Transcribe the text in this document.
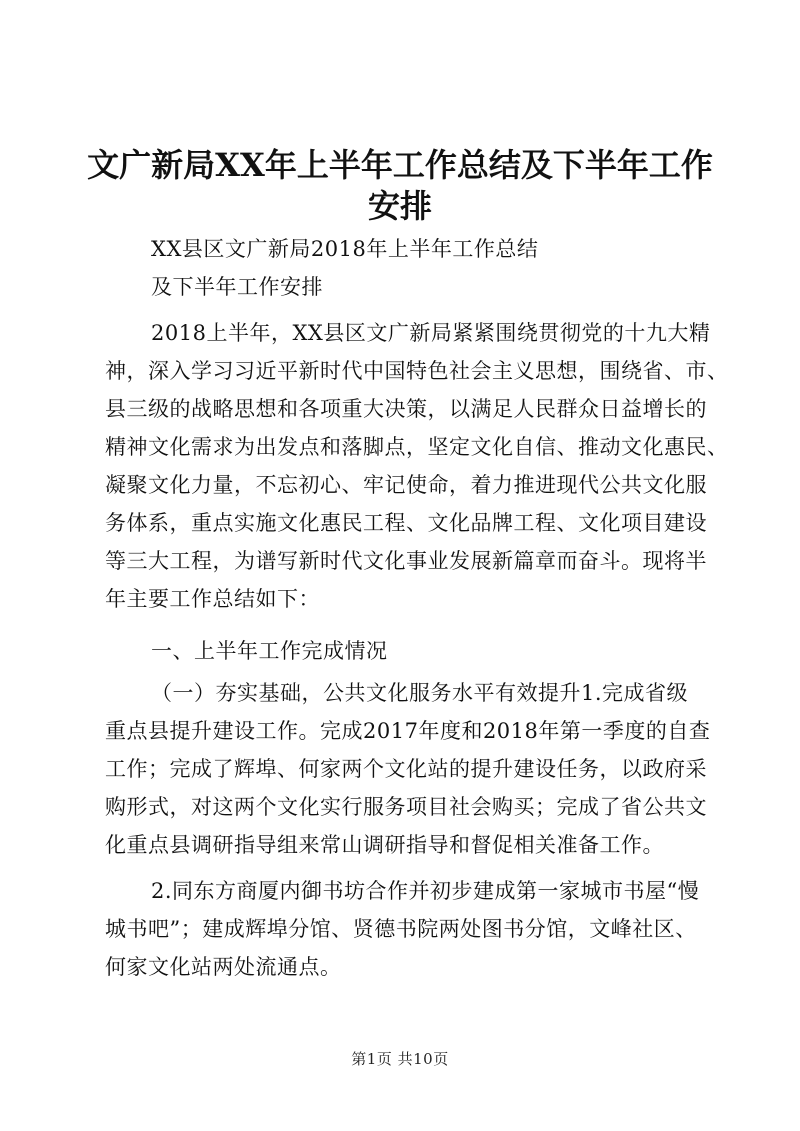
文广新局XX年上半年工作总结及下半年工作
安排
XX县区文广新局2018年上半年工作总结
及下半年工作安排
2018上半年，XX县区文广新局紧紧围绕贯彻党的十九大精
神，深入学习习近平新时代中国特色社会主义思想，围绕省、市、
县三级的战略思想和各项重大决策，以满足人民群众日益增长的
精神文化需求为出发点和落脚点，坚定文化自信、推动文化惠民、
凝聚文化力量，不忘初心、牢记使命，着力推进现代公共文化服
务体系，重点实施文化惠民工程、文化品牌工程、文化项目建设
等三大工程，为谱写新时代文化事业发展新篇章而奋斗。现将半
年主要工作总结如下：
一、上半年工作完成情况
（一）夯实基础，公共文化服务水平有效提升1.完成省级
重点县提升建设工作。完成2017年度和2018年第一季度的自查
工作；完成了辉埠、何家两个文化站的提升建设任务，以政府采
购形式，对这两个文化实行服务项目社会购买；完成了省公共文
化重点县调研指导组来常山调研指导和督促相关准备工作。
2.同东方商厦内御书坊合作并初步建成第一家城市书屋“慢
城书吧”；建成辉埠分馆、贤德书院两处图书分馆，文峰社区、
何家文化站两处流通点。
第1页 共10页
